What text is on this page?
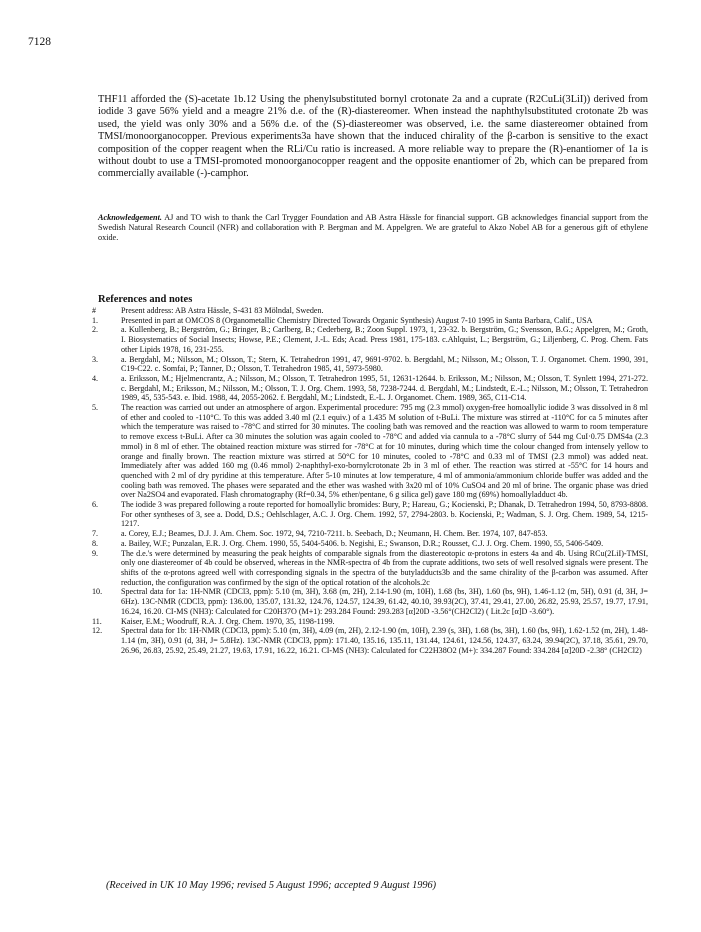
7128
THF11 afforded the (S)-acetate 1b.12 Using the phenylsubstituted bornyl crotonate 2a and a cuprate (R2CuLi(3LiI)) derived from iodide 3 gave 56% yield and a meagre 21% d.e. of the (R)-diastereomer. When instead the naphthylsubstituted crotonate 2b was used, the yield was only 30% and a 56% d.e. of the (S)-diastereomer was observed, i.e. the same diastereomer obtained from TMSI/monoorganocopper. Previous experiments3a have shown that the induced chirality of the β-carbon is sensitive to the exact composition of the copper reagent when the RLi/Cu ratio is increased. A more reliable way to prepare the (R)-enantiomer of 1a is without doubt to use a TMSI-promoted monoorganocopper reagent and the opposite enantiomer of 2b, which can be prepared from commercially available (-)-camphor.
Acknowledgement. AJ and TO wish to thank the Carl Trygger Foundation and AB Astra Hässle for financial support. GB acknowledges financial support from the Swedish Natural Research Council (NFR) and collaboration with P. Bergman and M. Appelgren. We are grateful to Akzo Nobel AB for a generous gift of ethylene oxide.
References and notes
#	Present address: AB Astra Hässle, S-431 83 Mölndal, Sweden.
1.	Presented in part at OMCOS 8 (Organometallic Chemistry Directed Towards Organic Synthesis) August 7-10 1995 in Santa Barbara, Calif., USA
2.	a. Kullenberg, B.; Bergström, G.; Bringer, B.; Carlberg, B.; Cederberg, B.; Zoon Suppl. 1973, 1, 23-32. b. Bergström, G.; Svensson, B.G.; Appelgren, M.; Groth, I. Biosystematics of Social Insects; Howse, P.E.; Clement, J.-L. Eds; Acad. Press 1981, 175-183. c.Ahlquist, L.; Bergström, G.; Liljenberg, C. Prog. Chem. Fats other Lipids 1978, 16, 231-255.
3.	a. Bergdahl, M.; Nilsson, M.; Olsson, T.; Stern, K. Tetrahedron 1991, 47, 9691-9702. b. Bergdahl, M.; Nilsson, M.; Olsson, T. J. Organomet. Chem. 1990, 391, C19-C22. c. Somfai, P.; Tanner, D.; Olsson, T. Tetrahedron 1985, 41, 5973-5980.
4.	a. Eriksson, M.; Hjelmencrantz, A.; Nilsson, M.; Olsson, T. Tetrahedron 1995, 51, 12631-12644. b. Eriksson, M.; Nilsson, M.; Olsson, T. Synlett 1994, 271-272. c. Bergdahl, M.; Eriksson, M.; Nilsson, M.; Olsson, T. J. Org. Chem. 1993, 58, 7238-7244. d. Bergdahl, M.; Lindstedt, E.-L.; Nilsson, M.; Olsson, T. Tetrahedron 1989, 45, 535-543. e. Ibid. 1988, 44, 2055-2062. f. Bergdahl, M.; Lindstedt, E.-L. J. Organomet. Chem. 1989, 365, C11-C14.
5.	The reaction was carried out under an atmosphere of argon. Experimental procedure: 795 mg (2.3 mmol) oxygen-free homoallylic iodide 3 was dissolved in 8 ml of ether and cooled to -110°C. To this was added 3.40 ml (2.1 equiv.) of a 1.435 M solution of t-BuLi. The mixture was stirred at -110°C for ca 5 minutes after which the temperature was raised to -78°C and stirred for 30 minutes. The cooling bath was removed and the reaction was allowed to warm to room temperature to remove excess t-BuLi. After ca 30 minutes the solution was again cooled to -78°C and added via cannula to a -78°C slurry of 544 mg CuI·0.75 DMS4a (2.3 mmol) in 8 ml of ether. The obtained reaction mixture was stirred for -78°C at for 10 minutes, during which time the colour changed from intensely yellow to orange and finally brown. The reaction mixture was stirred at 50°C for 10 minutes, cooled to -78°C and 0.33 ml of TMSI (2.3 mmol) was added neat. Immediately after was added 160 mg (0.46 mmol) 2-naphthyl-exo-bornylcrotonate 2b in 3 ml of ether. The reaction was stirred at -55°C for 14 hours and quenched with 2 ml of dry pyridine at this temperature. After 5-10 minutes at low temperature, 4 ml of ammonia/ammonium chloride buffer was added and the cooling bath was removed. The phases were separated and the ether was washed with 3x20 ml of 10% CuSO4 and 20 ml of brine. The organic phase was dried over Na2SO4 and evaporated. Flash chromatography (Rf=0.34, 5% ether/pentane, 6 g silica gel) gave 180 mg (69%) homoallyladduct 4b.
6.	The iodide 3 was prepared following a route reported for homoallylic bromides: Bury, P.; Hareau, G.; Kocienski, P.; Dhanak, D. Tetrahedron 1994, 50, 8793-8808. For other syntheses of 3, see a. Dodd, D.S.; Oehlschlager, A.C. J. Org. Chem. 1992, 57, 2794-2803. b. Kocienski, P.; Wadman, S. J. Org. Chem. 1989, 54, 1215-1217.
7.	a. Corey, E.J.; Beames, D.J. J. Am. Chem. Soc. 1972, 94, 7210-7211. b. Seebach, D.; Neumann, H. Chem. Ber. 1974, 107, 847-853.
8.	a. Bailey, W.F.; Punzalan, E.R. J. Org. Chem. 1990, 55, 5404-5406. b. Negishi, E.; Swanson, D.R.; Rousset, C.J. J. Org. Chem. 1990, 55, 5406-5409.
9.	The d.e.'s were determined by measuring the peak heights of comparable signals from the diastereotopic α-protons in esters 4a and 4b. Using RCu(2LiI)-TMSI, only one diastereomer of 4b could be observed, whereas in the NMR-spectra of 4b from the cuprate additions, two sets of well resolved signals were present. The shifts of the α-protons agreed well with corresponding signals in the spectra of the butyladducts3b and the same chirality of the β-carbon was assumed. After reduction, the configuration was confirmed by the sign of the optical rotation of the alcohols.2c
10.	Spectral data for 1a: 1H-NMR (CDCl3, ppm): 5.10 (m, 3H), 3.68 (m, 2H), 2.14-1.90 (m, 10H), 1.68 (bs, 3H), 1.60 (bs, 9H), 1.46-1.12 (m, 5H), 0.91 (d, 3H, J= 6Hz). 13C-NMR (CDCl3, ppm): 136.00, 135.07, 131.32, 124.76, 124.57, 124.39, 61.42, 40.10, 39.93(2C), 37.41, 29.41, 27.00, 26.82, 25.93, 25.57, 19.77, 17.91, 16.24, 16.20. CI-MS (NH3): Calculated for C20H37O (M+1): 293.284 Found: 293.283 [α]20D -3.56°(CH2Cl2) ( Lit.2c [α]D -3.60°).
11.	Kaiser, E.M.; Woodruff, R.A. J. Org. Chem. 1970, 35, 1198-1199.
12.	Spectral data for 1b: 1H-NMR (CDCl3, ppm): 5.10 (m, 3H), 4.09 (m, 2H), 2.12-1.90 (m, 10H), 2.39 (s, 3H), 1.68 (bs, 3H), 1.60 (bs, 9H), 1.62-1.52 (m, 2H), 1.48-1.14 (m, 3H), 0.91 (d, 3H, J= 5.8Hz). 13C-NMR (CDCl3, ppm): 171.40, 135.16, 135.11, 131.44, 124.61, 124.56, 124.37, 63.24, 39.94(2C), 37.18, 35.61, 29.70, 26.96, 26.83, 25.92, 25.49, 21.27, 19.63, 17.91, 16.22, 16.21. CI-MS (NH3): Calculated for C22H38O2 (M+): 334.287 Found: 334.284 [α]20D -2.38° (CH2Cl2)
(Received in UK 10 May 1996; revised 5 August 1996; accepted 9 August 1996)
